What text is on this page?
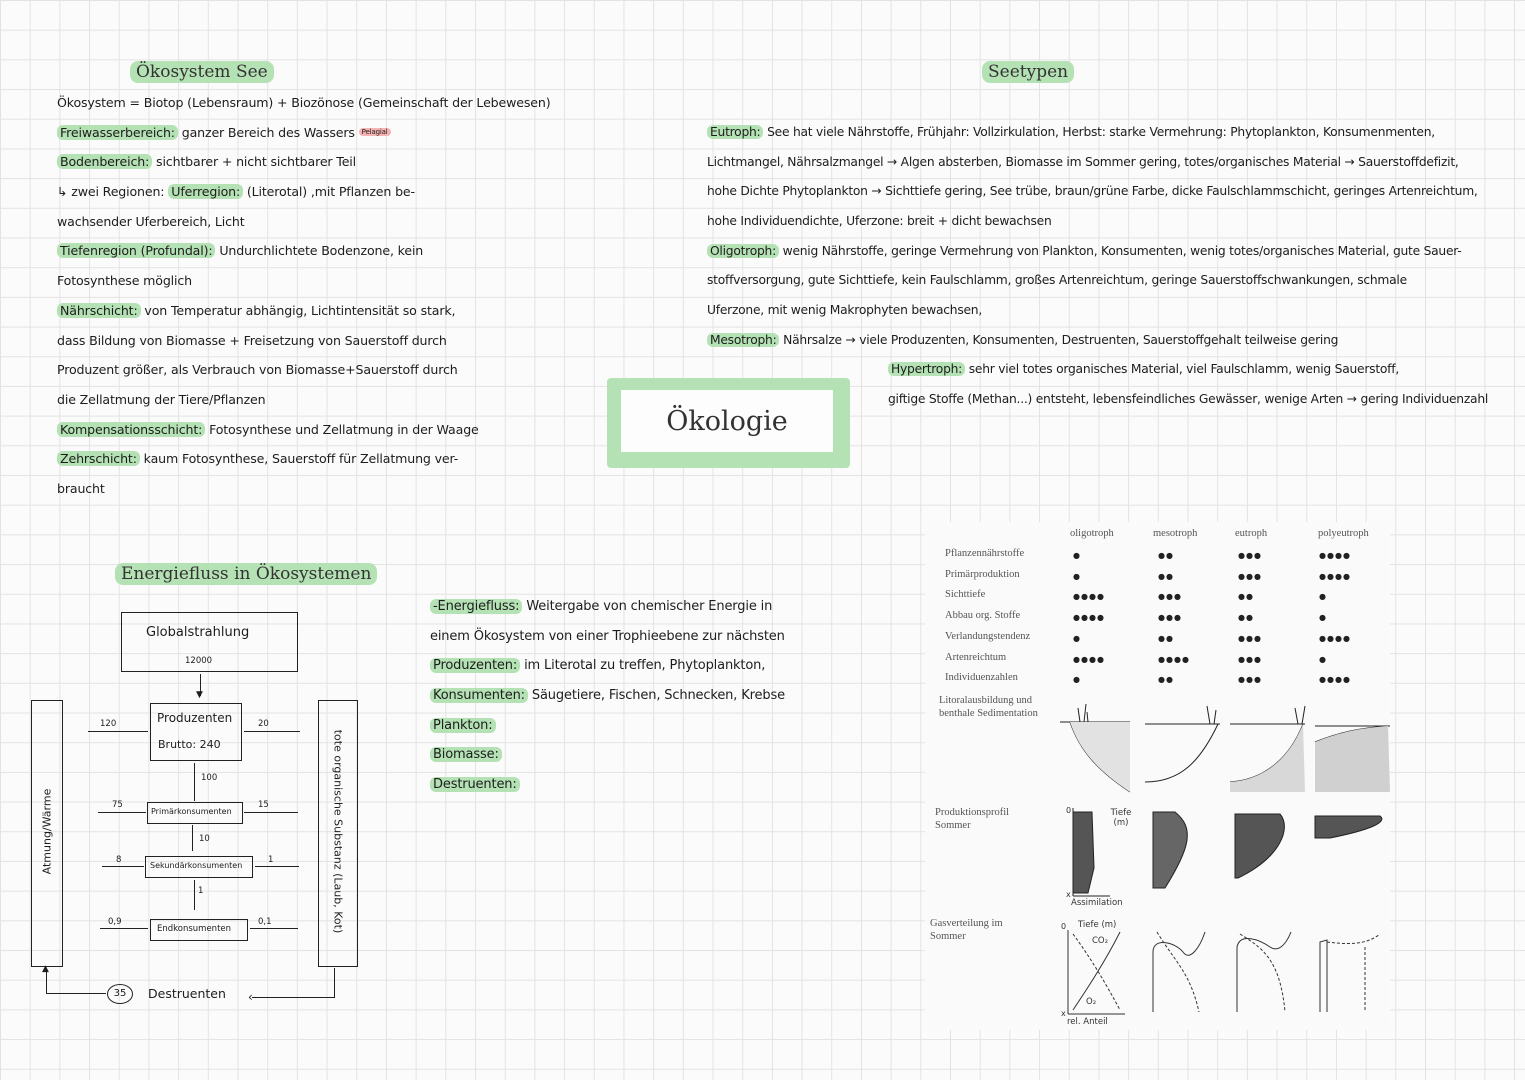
Ökosystem See
Ökosystem = Biotop (Lebensraum) + Biozönose (Gemeinschaft der Lebewesen)
Freiwasserbereich: ganzer Bereich des Wassers Pelagial
Bodenbereich: sichtbarer + nicht sichtbarer Teil
↳ zwei Regionen: Uferregion: (Literotal) ,mit Pflanzen be-
wachsender Uferbereich, Licht
Tiefenregion (Profundal): Undurchlichtete Bodenzone, kein
Fotosynthese möglich
Nährschicht: von Temperatur abhängig, Lichtintensität so stark,
dass Bildung von Biomasse + Freisetzung von Sauerstoff durch
Produzent größer, als Verbrauch von Biomasse+Sauerstoff durch
die Zellatmung der Tiere/Pflanzen
Kompensationsschicht: Fotosynthese und Zellatmung in der Waage
Zehrschicht: kaum Fotosynthese, Sauerstoff für Zellatmung ver-
braucht
Ökologie
Seetypen
Eutroph: See hat viele Nährstoffe, Frühjahr: Vollzirkulation, Herbst: starke Vermehrung: Phytoplankton, Konsumenmenten,
Lichtmangel, Nährsalzmangel → Algen absterben, Biomasse im Sommer gering, totes/organisches Material → Sauerstoffdefizit,
hohe Dichte Phytoplankton → Sichttiefe gering, See trübe, braun/grüne Farbe, dicke Faulschlammschicht, geringes Artenreichtum,
hohe Individuendichte, Uferzone: breit + dicht bewachsen
Oligotroph: wenig Nährstoffe, geringe Vermehrung von Plankton, Konsumenten, wenig totes/organisches Material, gute Sauer-
stoffversorgung, gute Sichttiefe, kein Faulschlamm, großes Artenreichtum, geringe Sauerstoffschwankungen, schmale
Uferzone, mit wenig Makrophyten bewachsen,
Mesotroph: Nährsalze → viele Produzenten, Konsumenten, Destruenten, Sauerstoffgehalt teilweise gering
Hypertroph: sehr viel totes organisches Material, viel Faulschlamm, wenig Sauerstoff,
giftige Stoffe (Methan...) entsteht, lebensfeindliches Gewässer, wenige Arten → gering Individuenzahl
Energiefluss in Ökosystemen
Globalstrahlung
12000
▼
Atmung/Wärme	tote organische Substanz (Laub, Kot)
Produzenten
Brutto: 240
120	20
100
Primärkonsumenten
75	15
10
Sekundärkonsumenten
8	1
1
Endkonsumenten
0,9	0,1
‹
Destruenten
35
▲
-Energiefluss: Weitergabe von chemischer Energie in
einem Ökosystem von einer Trophieebene zur nächsten
Produzenten: im Literotal zu treffen, Phytoplankton,
Konsumenten: Säugetiere, Fischen, Schnecken, Krebse
Plankton:
Biomasse:
Destruenten:
oligotroph	mesotroph	eutroph	polyeutroph
Pflanzennährstoffe	●	●●	●●●	●●●●
Primärproduktion	●	●●	●●●	●●●●
Sichttiefe	●●●●	●●●	●●	●
Abbau org. Stoffe	●●●●	●●●	●●	●
Verlandungstendenz	●	●●	●●●	●●●●
Artenreichtum	●●●●	●●●●	●●●	●
Individuenzahlen	●	●●	●●●	●●●●
Litoralausbildung und benthale Sedimentation
Produktionsprofil Sommer
0
x
Tiefe (m)
Assimilation
Gasverteilung im Sommer
0 Tiefe (m)
CO₂
O₂
x
rel. Anteil
